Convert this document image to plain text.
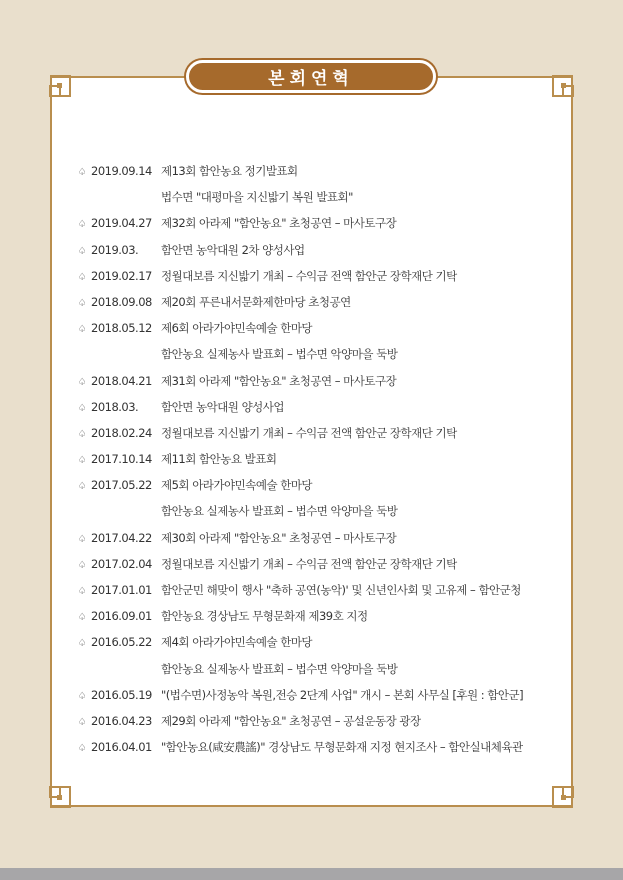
본회연혁
♤ 2019.09.14 제13회 함안농요 정기발표회
법수면 "대평마을 지신밟기 복원 발표회"
♤ 2019.04.27 제32회 아라제 "함안농요" 초청공연 – 마사토구장
♤ 2019.03. 함안면 농악대원 2차 양성사업
♤ 2019.02.17 정월대보름 지신밟기 개최 – 수익금 전액 함안군 장학재단 기탁
♤ 2018.09.08 제20회 푸른내서문화제한마당 초청공연
♤ 2018.05.12 제6회 아라가야민속예술 한마당
함안농요 실제농사 발표회 – 법수면 악양마을 둑방
♤ 2018.04.21 제31회 아라제 "함안농요" 초청공연 – 마사토구장
♤ 2018.03. 함안면 농악대원 양성사업
♤ 2018.02.24 정월대보름 지신밟기 개최 – 수익금 전액 함안군 장학재단 기탁
♤ 2017.10.14 제11회 함안농요 발표회
♤ 2017.05.22 제5회 아라가야민속예술 한마당
함안농요 실제농사 발표회 – 법수면 악양마을 둑방
♤ 2017.04.22 제30회 아라제 "함안농요" 초청공연 – 마사토구장
♤ 2017.02.04 정월대보름 지신밟기 개최 – 수익금 전액 함안군 장학재단 기탁
♤ 2017.01.01 함안군민 해맞이 행사 "축하 공연(농악)' 및 신년인사회 및 고유제 – 함안군청
♤ 2016.09.01 함안농요 경상남도 무형문화재 제39호 지정
♤ 2016.05.22 제4회 아라가야민속예술 한마당
함안농요 실제농사 발표회 – 법수면 악양마을 둑방
♤ 2016.05.19 "(법수면)사정농악 복원,전승 2단계 사업" 개시 – 본회 사무실 [후원 : 함안군]
♤ 2016.04.23 제29회 아라제 "함안농요" 초청공연 – 공설운동장 광장
♤ 2016.04.01 "함안농요(咸安農謠)" 경상남도 무형문화재 지정 현지조사 – 함안실내체육관
